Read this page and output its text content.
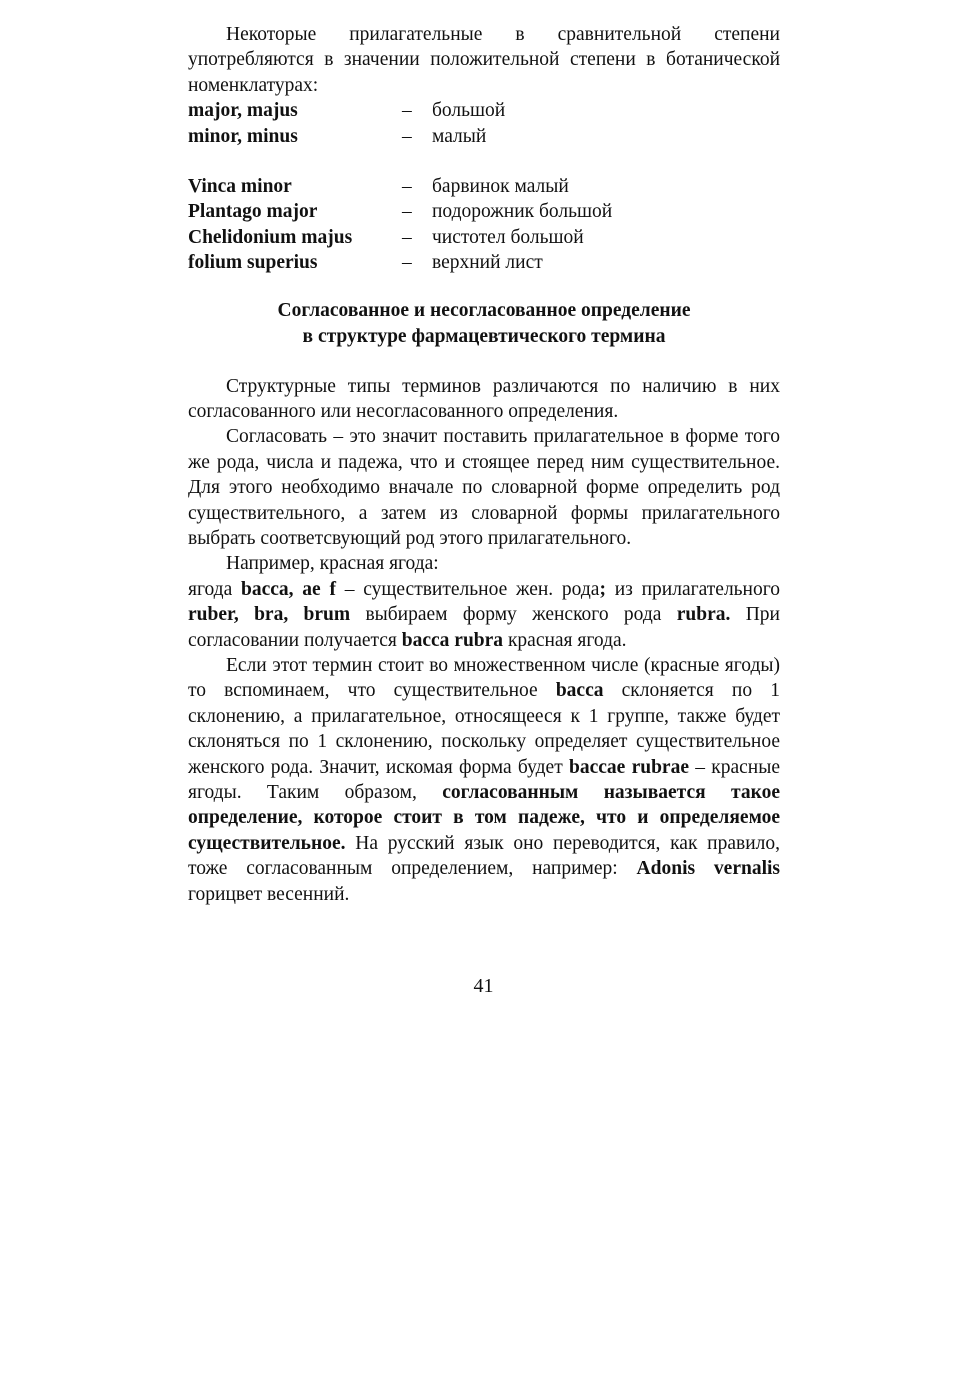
Некоторые прилагательные в сравнительной степени употребляются в значении положительной степени в ботанической номенклатурах:

major, majus	–	большой
minor, minus	–	малый
Vinca minor	–	барвинок малый
Plantago major	–	подорожник большой
Chelidonium majus	–	чистотел большой
folium superius	–	верхний лист
Согласованное и несогласованное определение
в структуре фармацевтического термина

Структурные типы терминов различаются по наличию в них согласованного или несогласованного определения.

Согласовать – это значит поставить прилагательное в форме того же рода, числа и падежа, что и стоящее перед ним существительное. Для этого необходимо вначале по словарной форме определить род существительного, а затем из словарной формы прилагательного выбрать соответсвующий род этого прилагательного.

Например, красная ягода:

ягода bacca, ae f – существительное жен. рода; из прилагательного ruber, bra, brum выбираем форму женского рода rubra. При согласовании получается bacca rubra красная ягода.

Если этот термин стоит во множественном числе (красные ягоды) то вспоминаем, что существительное bacca склоняется по 1 склонению, а прилагательное, относящееся к 1 группе, также будет склоняться по 1 склонению, поскольку определяет существительное женского рода. Значит, искомая форма будет baccae rubrae – красные ягоды. Таким образом, согласованным называется такое определение, которое стоит в том падеже, что и определяемое существительное. На русский язык оно переводится, как правило, тоже согласованным определением, например: Adonis vernalis горицвет весенний.

41
